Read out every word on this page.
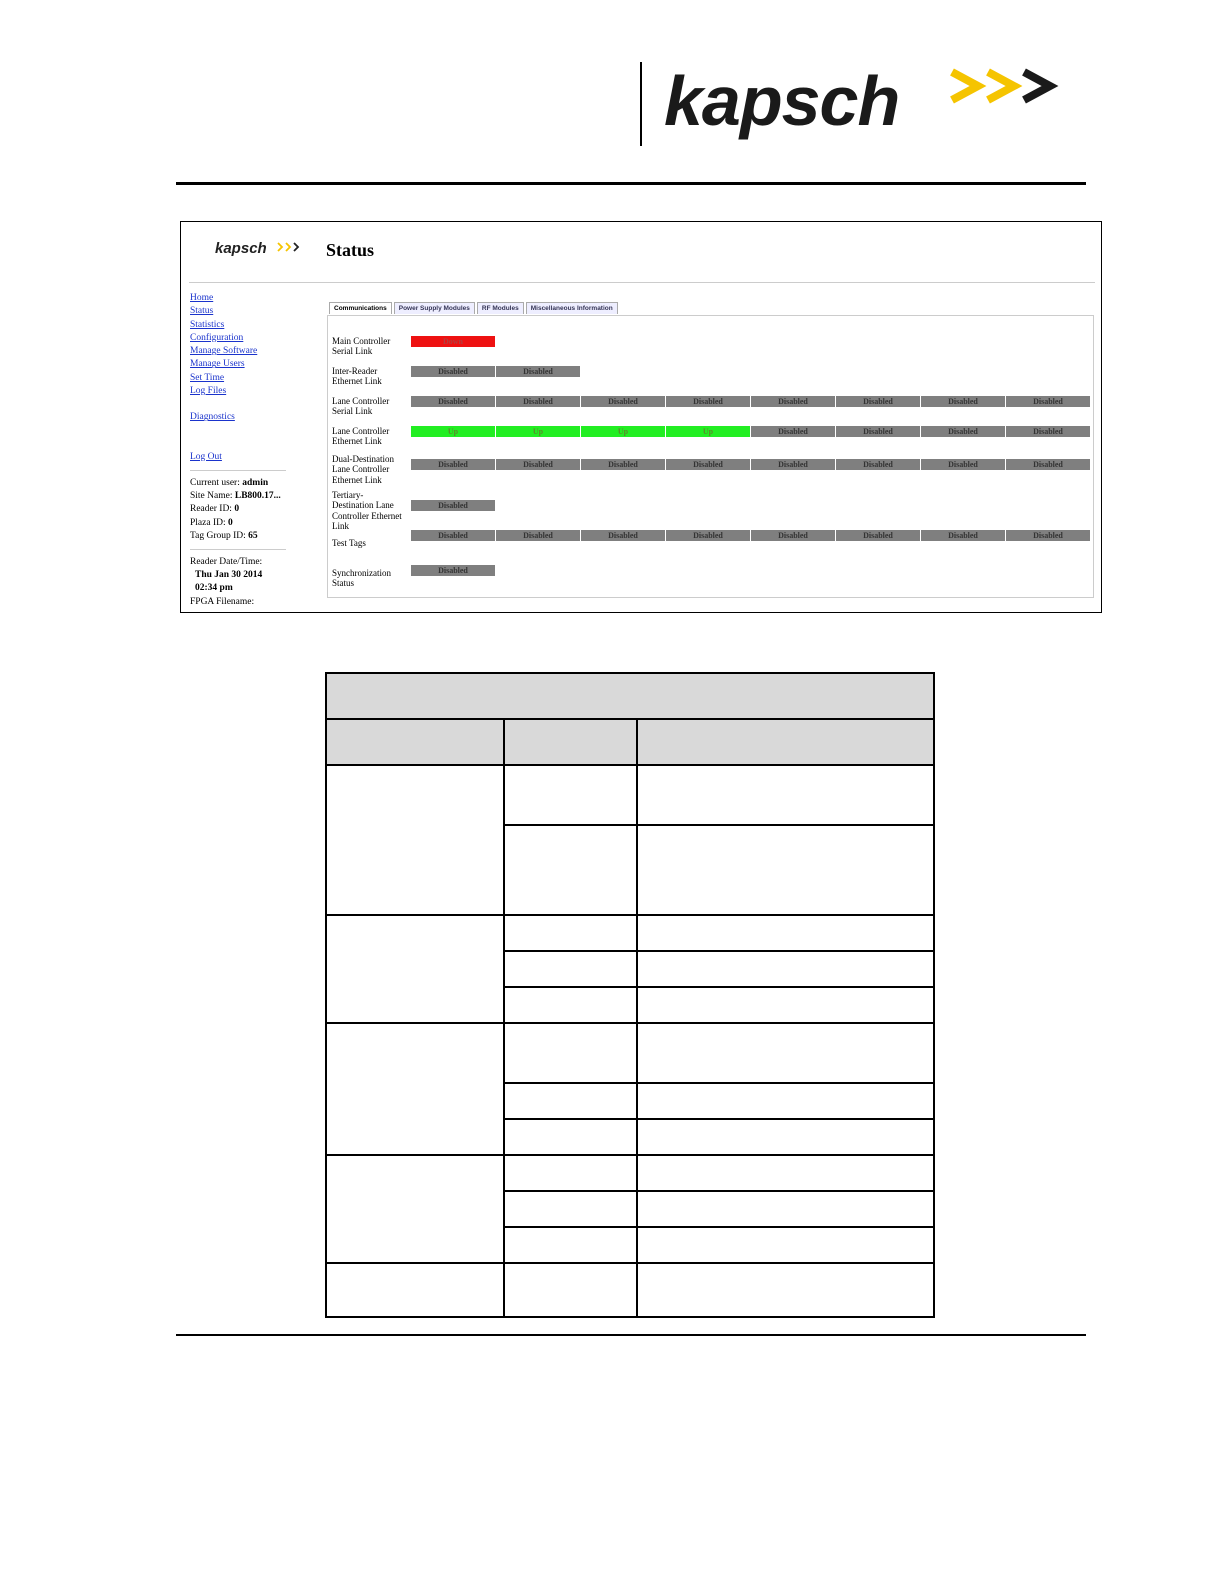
kapsch
kapsch	Status
Home
Status
Statistics
Configuration
Manage Software
Manage Users
Set Time
Log Files
Diagnostics
Log Out
Current user: admin
Site Name: LB800.17...
Reader ID: 0
Plaza ID: 0
Tag Group ID: 65
Reader Date/Time:
Thu Jan 30 2014
02:34 pm
FPGA Filename:
Communications	Power Supply Modules	RF Modules	Miscellaneous Information
Main Controller Serial Link
Down
Inter-Reader Ethernet Link
Disabled	Disabled
Lane Controller Serial Link
Disabled	Disabled	Disabled	Disabled	Disabled	Disabled	Disabled	Disabled
Lane Controller Ethernet Link
Up	Up	Up	Up	Disabled	Disabled	Disabled	Disabled
Dual-Destination Lane Controller Ethernet Link
Disabled	Disabled	Disabled	Disabled	Disabled	Disabled	Disabled	Disabled
Tertiary-Destination Lane Controller Ethernet Link
Disabled
Test Tags
Disabled	Disabled	Disabled	Disabled	Disabled	Disabled	Disabled	Disabled
Synchronization Status
Disabled
